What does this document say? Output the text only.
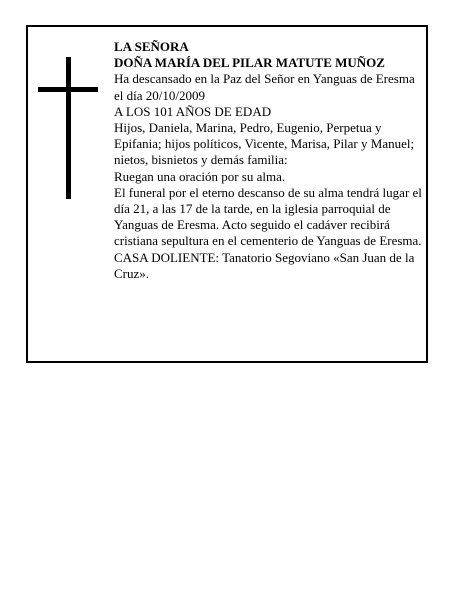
LA SEÑORA

DOÑA MARÍA DEL PILAR MATUTE MUÑOZ

Ha descansado en la Paz del Señor en Yanguas de Eresma el día 20/10/2009

A LOS 101 AÑOS DE EDAD

Hijos, Daniela, Marina, Pedro, Eugenio, Perpetua y Epifania; hijos políticos, Vicente, Marisa, Pilar y Manuel; nietos, bisnietos y demás familia:

Ruegan una oración por su alma.

El funeral por el eterno descanso de su alma tendrá lugar el día 21, a las 17 de la tarde, en la iglesia parroquial de Yanguas de Eresma. Acto seguido el cadáver recibirá cristiana sepultura en el cementerio de Yanguas de Eresma.

CASA DOLIENTE: Tanatorio Segoviano «San Juan de la Cruz».
